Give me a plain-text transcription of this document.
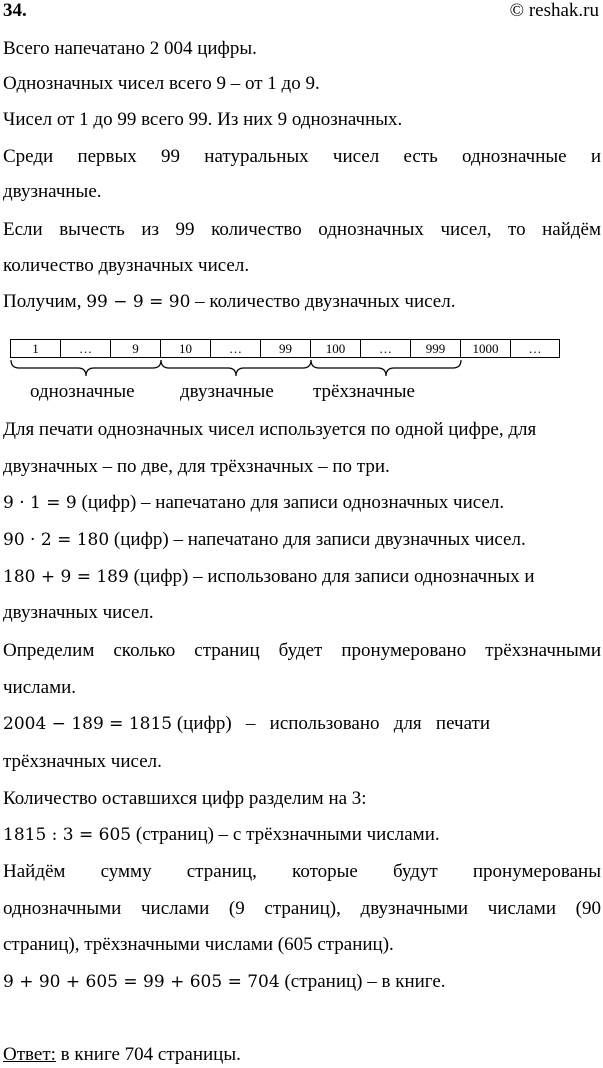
34.	© reshak.ru
Всего напечатано 2 004 цифры.
Однозначных чисел всего 9 – от 1 до 9.
Чисел от 1 до 99 всего 99. Из них 9 однозначных.
Среди первых 99 натуральных чисел есть однозначные и
двузначные.
Если вычесть из 99 количество однозначных чисел, то найдём
количество двузначных чисел.
Получим, 99 − 9 = 90 – количество двузначных чисел.
1	…	9	10	…	99	100	…	999	1000	…
однозначные двузначные трёхзначные
Для печати однозначных чисел используется по одной цифре, для
двузначных – по две, для трёхзначных – по три.
9 · 1 = 9 (цифр) – напечатано для записи однозначных чисел.
90 · 2 = 180 (цифр) – напечатано для записи двузначных чисел.
180 + 9 = 189 (цифр) – использовано для записи однозначных и
двузначных чисел.
Определим сколько страниц будет пронумеровано трёхзначными
числами.
2004 − 189 = 1815 (цифр)   –   использовано   для   печати
трёхзначных чисел.
Количество оставшихся цифр разделим на 3:
1815 : 3 = 605 (страниц) – с трёхзначными числами.
Найдём сумму страниц, которые будут пронумерованы
однозначными числами (9 страниц), двузначными числами (90
страниц), трёхзначными числами (605 страниц).
9 + 90 + 605 = 99 + 605 = 704 (страниц) – в книге.
Ответ: в книге 704 страницы.
